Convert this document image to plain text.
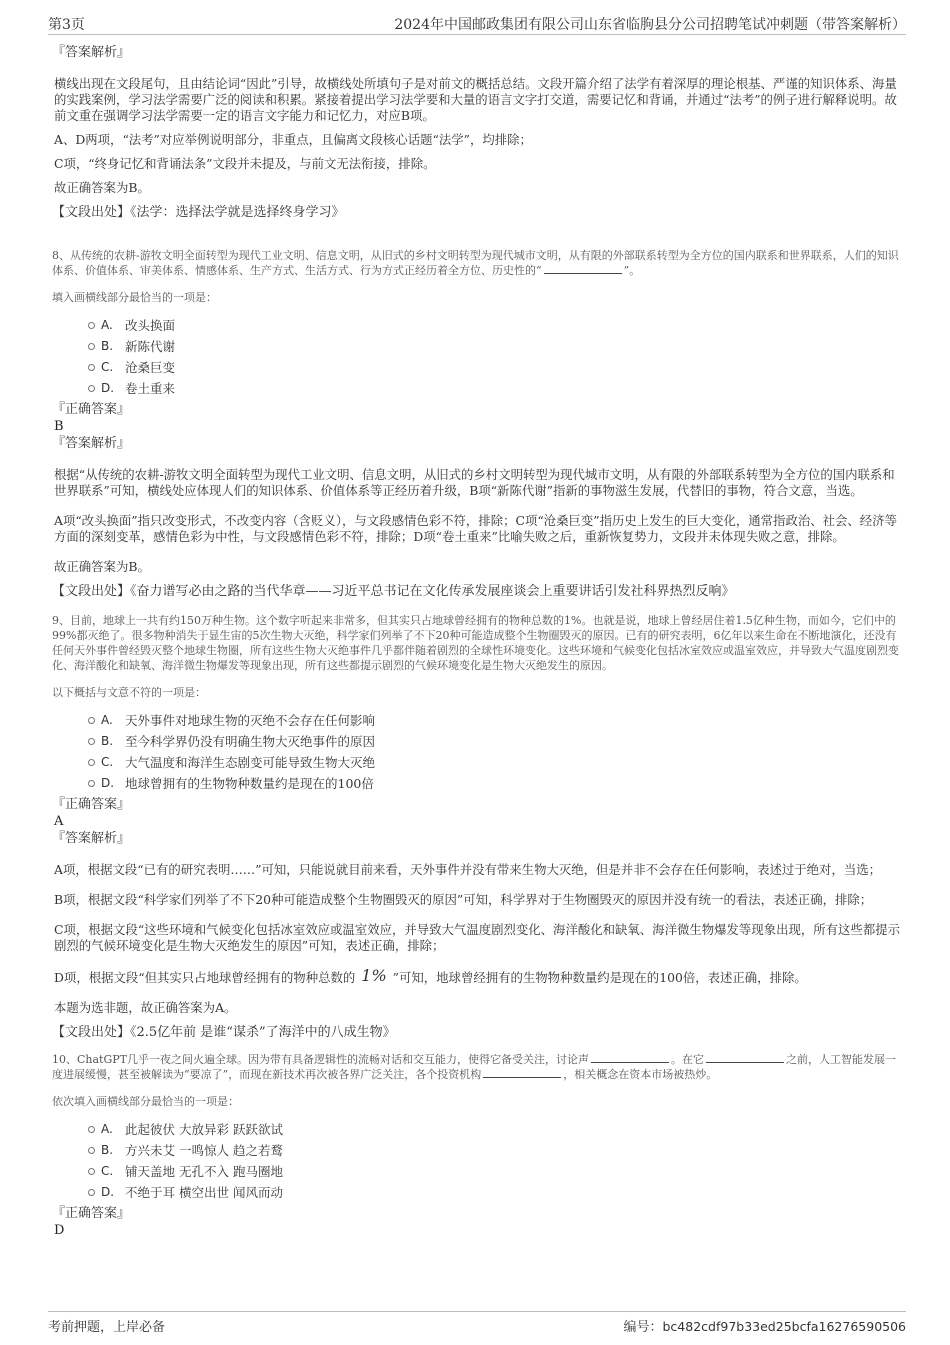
第3页	2024年中国邮政集团有限公司山东省临朐县分公司招聘笔试冲刺题（带答案解析）

『答案解析』

横线出现在文段尾句，且由结论词“因此”引导，故横线处所填句子是对前文的概括总结。文段开篇介绍了法学有着深厚的理论根基、严谨的知识体系、海量的实践案例，学习法学需要广泛的阅读和积累。紧接着提出学习法学要和大量的语言文字打交道，需要记忆和背诵，并通过“法考”的例子进行解释说明。故前文重在强调学习法学需要一定的语言文字能力和记忆力，对应B项。

A、D两项，“法考”对应举例说明部分，非重点，且偏离文段核心话题“法学”，均排除；

C项，“终身记忆和背诵法条”文段并未提及，与前文无法衔接，排除。

故正确答案为B。

【文段出处】《法学：选择法学就是选择终身学习》

8、从传统的农耕-游牧文明全面转型为现代工业文明、信息文明，从旧式的乡村文明转型为现代城市文明，从有限的外部联系转型为全方位的国内联系和世界联系，人们的知识体系、价值体系、审美体系、情感体系、生产方式、生活方式、行为方式正经历着全方位、历史性的“	”。

填入画横线部分最恰当的一项是：

A. 改头换面
B. 新陈代谢
C. 沧桑巨变
D. 卷土重来

『正确答案』

B

『答案解析』

根据“从传统的农耕-游牧文明全面转型为现代工业文明、信息文明，从旧式的乡村文明转型为现代城市文明，从有限的外部联系转型为全方位的国内联系和世界联系”可知，横线处应体现人们的知识体系、价值体系等正经历着升级，B项“新陈代谢”指新的事物滋生发展，代替旧的事物，符合文意，当选。

A项“改头换面”指只改变形式，不改变内容（含贬义），与文段感情色彩不符，排除；C项“沧桑巨变”指历史上发生的巨大变化，通常指政治、社会、经济等方面的深刻变革，感情色彩为中性，与文段感情色彩不符，排除；D项“卷土重来”比喻失败之后，重新恢复势力，文段并未体现失败之意，排除。

故正确答案为B。

【文段出处】《奋力谱写必由之路的当代华章——习近平总书记在文化传承发展座谈会上重要讲话引发社科界热烈反响》

9、目前，地球上一共有约150万种生物。这个数字听起来非常多，但其实只占地球曾经拥有的物种总数的1%。也就是说，地球上曾经居住着1.5亿种生物，而如今，它们中的99%都灭绝了。很多物种消失于显生宙的5次生物大灭绝，科学家们列举了不下20种可能造成整个生物圈毁灭的原因。已有的研究表明，6亿年以来生命在不断地演化，还没有任何天外事件曾经毁灭整个地球生物圈，所有这些生物大灭绝事件几乎都伴随着剧烈的全球性环境变化。这些环境和气候变化包括冰室效应或温室效应，并导致大气温度剧烈变化、海洋酸化和缺氧、海洋微生物爆发等现象出现，所有这些都提示剧烈的气候环境变化是生物大灭绝发生的原因。

以下概括与文意不符的一项是：

A. 天外事件对地球生物的灭绝不会存在任何影响
B. 至今科学界仍没有明确生物大灭绝事件的原因
C. 大气温度和海洋生态剧变可能导致生物大灭绝
D. 地球曾拥有的生物物种数量约是现在的100倍

『正确答案』

A

『答案解析』

A项，根据文段“已有的研究表明……”可知，只能说就目前来看，天外事件并没有带来生物大灭绝，但是并非不会存在任何影响，表述过于绝对，当选；

B项，根据文段“科学家们列举了不下20种可能造成整个生物圈毁灭的原因”可知，科学界对于生物圈毁灭的原因并没有统一的看法，表述正确，排除；

C项，根据文段“这些环境和气候变化包括冰室效应或温室效应，并导致大气温度剧烈变化、海洋酸化和缺氧、海洋微生物爆发等现象出现，所有这些都提示剧烈的气候环境变化是生物大灭绝发生的原因”可知，表述正确，排除；

D项，根据文段“但其实只占地球曾经拥有的物种总数的 1% ”可知，地球曾经拥有的生物物种数量约是现在的100倍，表述正确，排除。

本题为选非题，故正确答案为A。

【文段出处】《2.5亿年前 是谁“谋杀”了海洋中的八成生物》

10、ChatGPT几乎一夜之间火遍全球。因为带有具备逻辑性的流畅对话和交互能力，使得它备受关注，讨论声	。在它	之前，人工智能发展一度进展缓慢，甚至被解读为“要凉了”，而现在新技术再次被各界广泛关注，各个投资机构	，相关概念在资本市场被热炒。

依次填入画横线部分最恰当的一项是：

A. 此起彼伏 大放异彩 跃跃欲试
B. 方兴未艾 一鸣惊人 趋之若鹜
C. 铺天盖地 无孔不入 跑马圈地
D. 不绝于耳 横空出世 闻风而动

『正确答案』

D

考前押题，上岸必备	编号：bc482cdf97b33ed25bcfa16276590506
